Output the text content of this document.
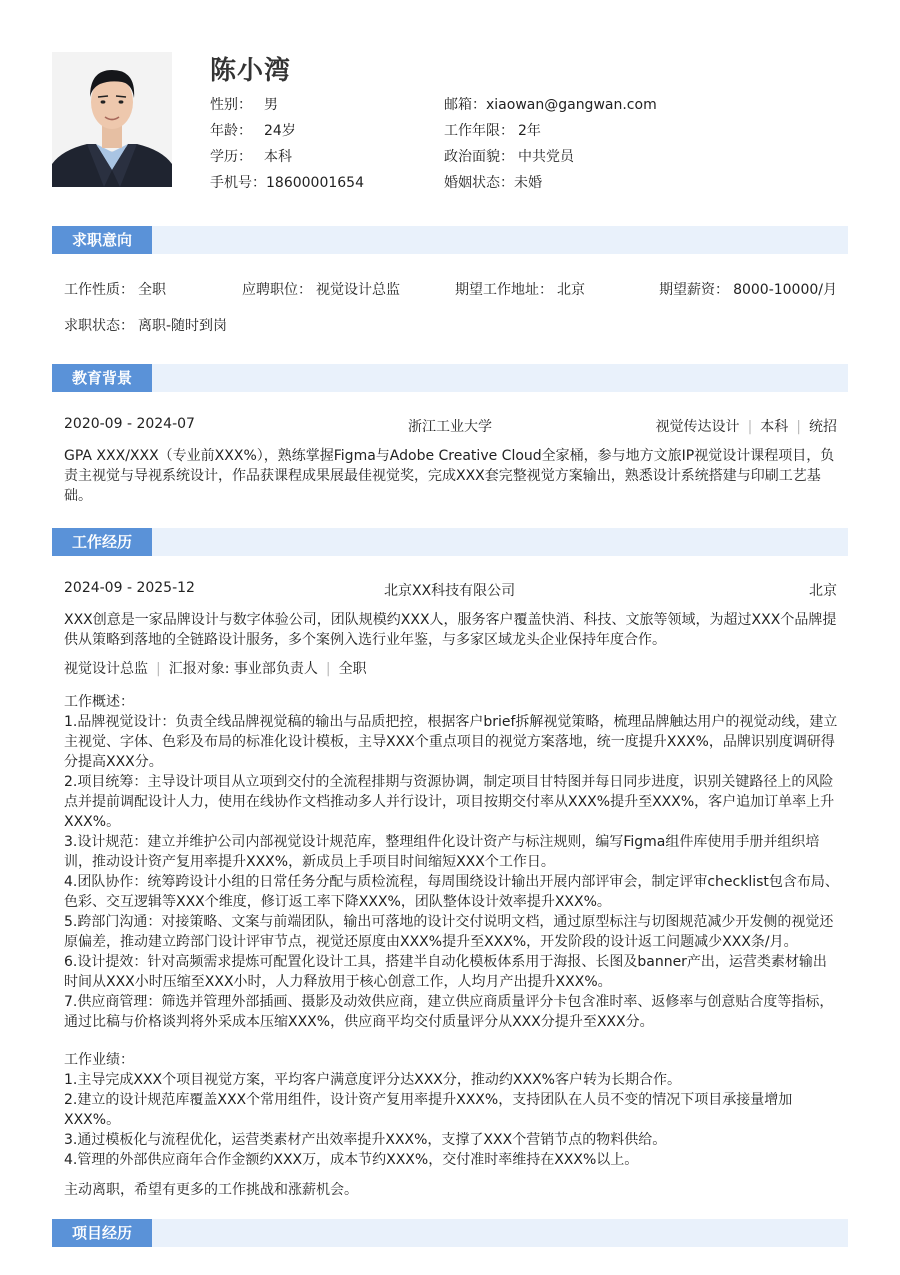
陈小湾
性别： 男
年龄： 24岁
学历： 本科
手机号：18600001654
邮箱：xiaowan@gangwan.com
工作年限： 2年
政治面貌： 中共党员
婚姻状态：未婚
求职意向
工作性质： 全职	应聘职位： 视觉设计总监	期望工作地址： 北京	期望薪资： 8000-10000/月
求职状态： 离职-随时到岗
教育背景
2020-09 - 2024-07	浙江工业大学	视觉传达设计 | 本科 | 统招
GPA XXX/XXX（专业前XXX%），熟练掌握Figma与Adobe Creative Cloud全家桶，参与地方文旅IP视觉设计课程项目，负责主视觉与导视系统设计，作品获课程成果展最佳视觉奖，完成XXX套完整视觉方案输出，熟悉设计系统搭建与印刷工艺基础。
工作经历
2024-09 - 2025-12	北京XX科技有限公司	北京
XXX创意是一家品牌设计与数字体验公司，团队规模约XXX人，服务客户覆盖快消、科技、文旅等领域，为超过XXX个品牌提供从策略到落地的全链路设计服务，多个案例入选行业年鉴，与多家区域龙头企业保持年度合作。
视觉设计总监 | 汇报对象: 事业部负责人 | 全职

工作概述：

1.品牌视觉设计：负责全线品牌视觉稿的输出与品质把控，根据客户brief拆解视觉策略，梳理品牌触达用户的视觉动线，建立主视觉、字体、色彩及布局的标准化设计模板，主导XXX个重点项目的视觉方案落地，统一度提升XXX%，品牌识别度调研得分提高XXX分。

2.项目统筹：主导设计项目从立项到交付的全流程排期与资源协调，制定项目甘特图并每日同步进度，识别关键路径上的风险点并提前调配设计人力，使用在线协作文档推动多人并行设计，项目按期交付率从XXX%提升至XXX%，客户追加订单率上升XXX%。

3.设计规范：建立并维护公司内部视觉设计规范库，整理组件化设计资产与标注规则，编写Figma组件库使用手册并组织培训，推动设计资产复用率提升XXX%，新成员上手项目时间缩短XXX个工作日。

4.团队协作：统筹跨设计小组的日常任务分配与质检流程，每周围绕设计输出开展内部评审会，制定评审checklist包含布局、色彩、交互逻辑等XXX个维度，修订返工率下降XXX%，团队整体设计效率提升XXX%。

5.跨部门沟通：对接策略、文案与前端团队，输出可落地的设计交付说明文档，通过原型标注与切图规范减少开发侧的视觉还原偏差，推动建立跨部门设计评审节点，视觉还原度由XXX%提升至XXX%，开发阶段的设计返工问题减少XXX条/月。

6.设计提效：针对高频需求提炼可配置化设计工具，搭建半自动化模板体系用于海报、长图及banner产出，运营类素材输出时间从XXX小时压缩至XXX小时，人力释放用于核心创意工作，人均月产出提升XXX%。

7.供应商管理：筛选并管理外部插画、摄影及动效供应商，建立供应商质量评分卡包含准时率、返修率与创意贴合度等指标，通过比稿与价格谈判将外采成本压缩XXX%，供应商平均交付质量评分从XXX分提升至XXX分。

工作业绩：

1.主导完成XXX个项目视觉方案，平均客户满意度评分达XXX分，推动约XXX%客户转为长期合作。

2.建立的设计规范库覆盖XXX个常用组件，设计资产复用率提升XXX%，支持团队在人员不变的情况下项目承接量增加XXX%。

3.通过模板化与流程优化，运营类素材产出效率提升XXX%，支撑了XXX个营销节点的物料供给。

4.管理的外部供应商年合作金额约XXX万，成本节约XXX%，交付准时率维持在XXX%以上。

主动离职，希望有更多的工作挑战和涨薪机会。
项目经历
